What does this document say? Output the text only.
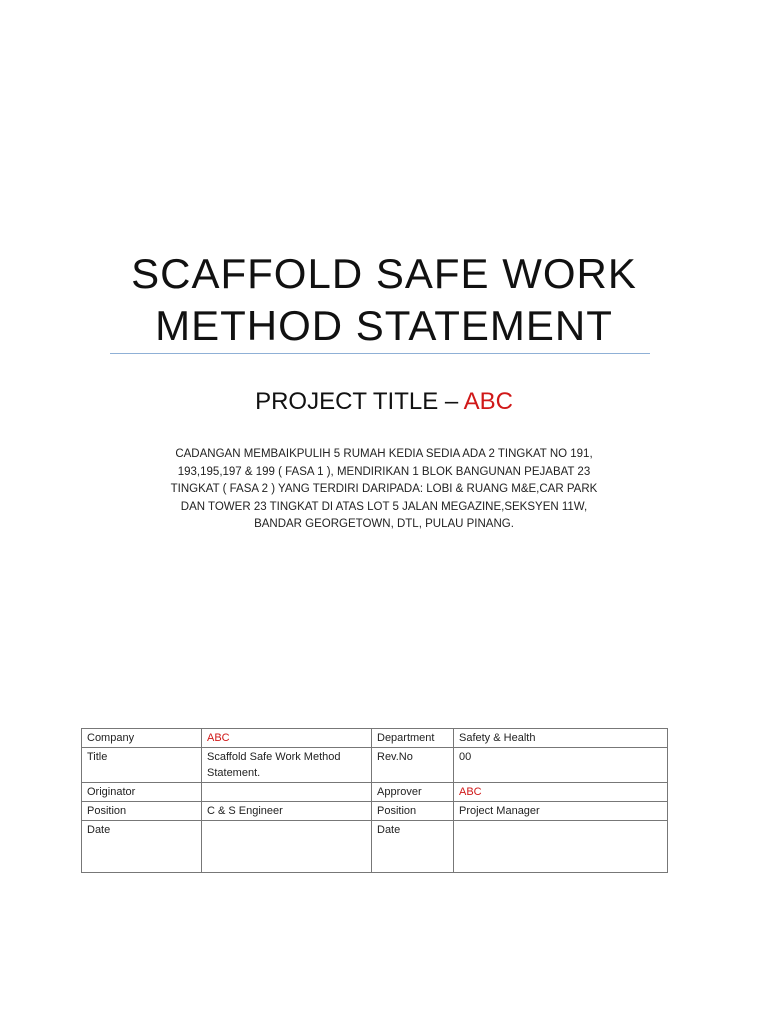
SCAFFOLD SAFE WORK
METHOD STATEMENT
PROJECT TITLE – ABC
CADANGAN MEMBAIKPULIH 5 RUMAH KEDIA SEDIA ADA 2 TINGKAT NO 191,
193,195,197 & 199 ( FASA 1 ), MENDIRIKAN 1 BLOK BANGUNAN PEJABAT 23
TINGKAT ( FASA 2 ) YANG TERDIRI DARIPADA: LOBI & RUANG M&E,CAR PARK
DAN TOWER 23 TINGKAT DI ATAS LOT 5 JALAN MEGAZINE,SEKSYEN 11W,
BANDAR GEORGETOWN, DTL, PULAU PINANG.
Company	ABC	Department	Safety & Health
Title	Scaffold Safe Work Method Statement.	Rev.No	00
Originator		Approver	ABC
Position	C & S Engineer	Position	Project Manager
Date		Date	
